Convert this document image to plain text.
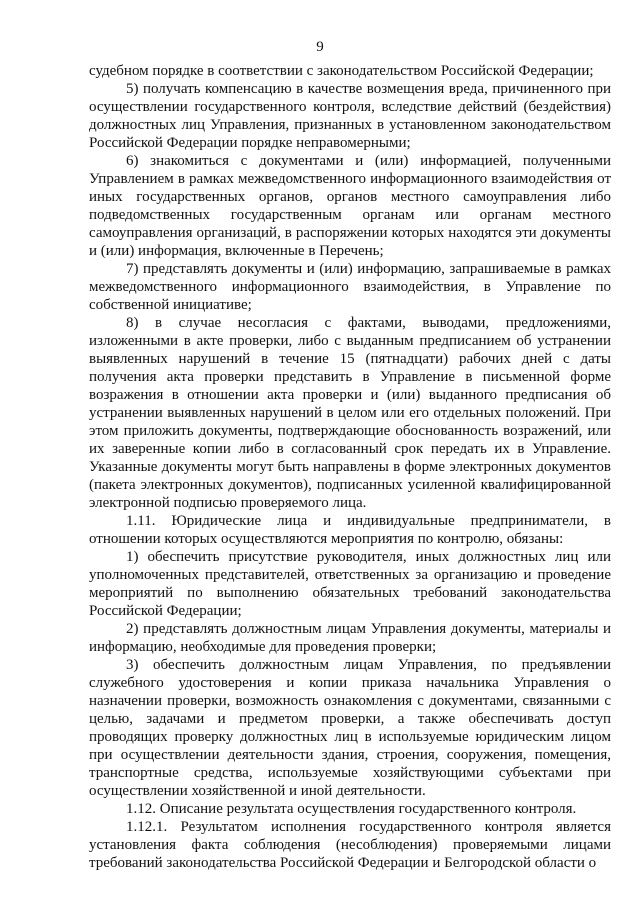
9

судебном порядке в соответствии с законодательством Российской Федерации;

5) получать компенсацию в качестве возмещения вреда, причиненного при осуществлении государственного контроля, вследствие действий (бездействия) должностных лиц Управления, признанных в установленном законодательством Российской Федерации порядке неправомерными;

6) знакомиться с документами и (или) информацией, полученными Управлением в рамках межведомственного информационного взаимодействия от иных государственных органов, органов местного самоуправления либо подведомственных государственным органам или органам местного самоуправления организаций, в распоряжении которых находятся эти документы и (или) информация, включенные в Перечень;

7) представлять документы и (или) информацию, запрашиваемые в рамках межведомственного информационного взаимодействия, в Управление по собственной инициативе;

8) в случае несогласия с фактами, выводами, предложениями, изложенными в акте проверки, либо с выданным предписанием об устранении выявленных нарушений в течение 15 (пятнадцати) рабочих дней с даты получения акта проверки представить в Управление в письменной форме возражения в отношении акта проверки и (или) выданного предписания об устранении выявленных нарушений в целом или его отдельных положений. При этом приложить документы, подтверждающие обоснованность возражений, или их заверенные копии либо в согласованный срок передать их в Управление. Указанные документы могут быть направлены в форме электронных документов (пакета электронных документов), подписанных усиленной квалифицированной электронной подписью проверяемого лица.

1.11. Юридические лица и индивидуальные предприниматели, в отношении которых осуществляются мероприятия по контролю, обязаны:

1) обеспечить присутствие руководителя, иных должностных лиц или уполномоченных представителей, ответственных за организацию и проведение мероприятий по выполнению обязательных требований законодательства Российской Федерации;

2) представлять должностным лицам Управления документы, материалы и информацию, необходимые для проведения проверки;

3) обеспечить должностным лицам Управления, по предъявлении служебного удостоверения и копии приказа начальника Управления о назначении проверки, возможность ознакомления с документами, связанными с целью, задачами и предметом проверки, а также обеспечивать доступ проводящих проверку должностных лиц в используемые юридическим лицом при осуществлении деятельности здания, строения, сооружения, помещения, транспортные средства, используемые хозяйствующими субъектами при осуществлении хозяйственной и иной деятельности.

1.12. Описание результата осуществления государственного контроля.

1.12.1. Результатом исполнения государственного контроля является установления факта соблюдения (несоблюдения) проверяемыми лицами требований законодательства Российской Федерации и Белгородской области о
